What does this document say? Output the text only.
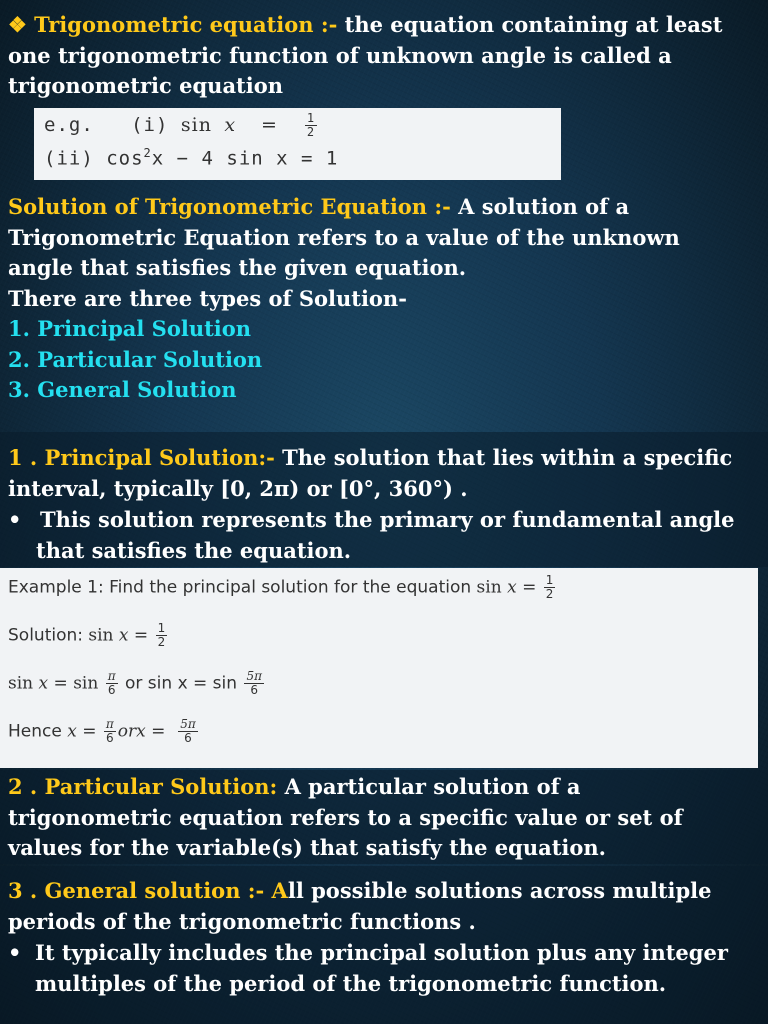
❖ Trigonometric equation :- the equation containing at least one trigonometric function of unknown angle is called a trigonometric equation

e.g. (i) $\sin x = \frac{1}{2}$
(ii) $\cos^2x - 4$ sin x = 1

Solution of Trigonometric Equation :- A solution of a Trigonometric Equation refers to a value of the unknown angle that satisfies the given equation.

There are three types of Solution-

1. Principal Solution

2. Particular Solution

3. General Solution

1 . Principal Solution:- The solution that lies within a specific interval, typically [0, 2π) or [0°, 360°) .

• This solution represents the primary or fundamental angle that satisfies the equation.

Example 1: Find the principal solution for the equation $\sin x = \frac{1}{2}$
Solution: $\sin x = \frac{1}{2}$
$\sin x = \sin \frac{\pi}{6}$ or $\sin x = \sin \frac{5\pi}{6}$
Hence $x = \frac{\pi}{6}$ orx = $\frac{5\pi}{6}$

2 . Particular Solution: A particular solution of a trigonometric equation refers to a specific value or set of values for the variable(s) that satisfy the equation.

3 . General solution :- All possible solutions across multiple periods of the trigonometric functions .

• It typically includes the principal solution plus any integer multiples of the period of the trigonometric function.
